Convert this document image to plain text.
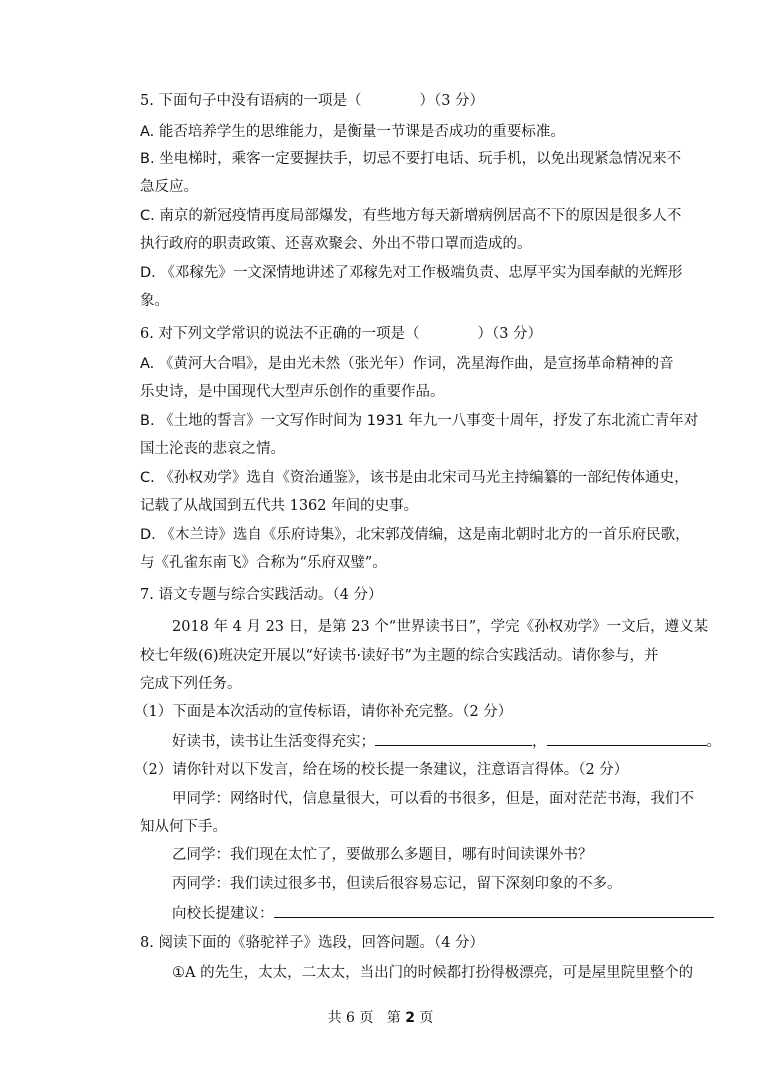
5. 下面句子中没有语病的一项是（　　　　）（3 分）
A. 能否培养学生的思维能力，是衡量一节课是否成功的重要标准。
B. 坐电梯时，乘客一定要握扶手，切忌不要打电话、玩手机，以免出现紧急情况来不
急反应。
C. 南京的新冠疫情再度局部爆发，有些地方每天新增病例居高不下的原因是很多人不
执行政府的职责政策、还喜欢聚会、外出不带口罩而造成的。
D. 《邓稼先》一文深情地讲述了邓稼先对工作极端负责、忠厚平实为国奉献的光辉形
象。
6. 对下列文学常识的说法不正确的一项是（　　　　）（3 分）
A. 《黄河大合唱》，是由光未然（张光年）作词，冼星海作曲，是宣扬革命精神的音
乐史诗，是中国现代大型声乐创作的重要作品。
B. 《土地的誓言》一文写作时间为 1931 年九一八事变十周年，抒发了东北流亡青年对
国土沦丧的悲哀之情。
C. 《孙权劝学》选自《资治通鉴》，该书是由北宋司马光主持编纂的一部纪传体通史，
记载了从战国到五代共 1362 年间的史事。
D. 《木兰诗》选自《乐府诗集》，北宋郭茂倩编，这是南北朝时北方的一首乐府民歌，
与《孔雀东南飞》合称为“乐府双璧”。
7. 语文专题与综合实践活动。（4 分）
2018 年 4 月 23 日，是第 23 个“世界读书日”，学完《孙权劝学》一文后，遵义某
校七年级(6)班决定开展以“好读书·读好书”为主题的综合实践活动。请你参与，并
完成下列任务。
（1）下面是本次活动的宣传标语，请你补充完整。（2 分）
好读书，读书让生活变得充实；	，	。
（2）请你针对以下发言，给在场的校长提一条建议，注意语言得体。（2 分）
甲同学：网络时代，信息量很大，可以看的书很多，但是，面对茫茫书海，我们不
知从何下手。
乙同学：我们现在太忙了，要做那么多题目，哪有时间读课外书？
丙同学：我们读过很多书，但读后很容易忘记，留下深刻印象的不多。
向校长提建议：
8. 阅读下面的《骆驼祥子》选段，回答问题。（4 分）
①A 的先生，太太，二太太，当出门的时候都打扮得极漂亮，可是屋里院里整个的
共 6 页 第 2 页
